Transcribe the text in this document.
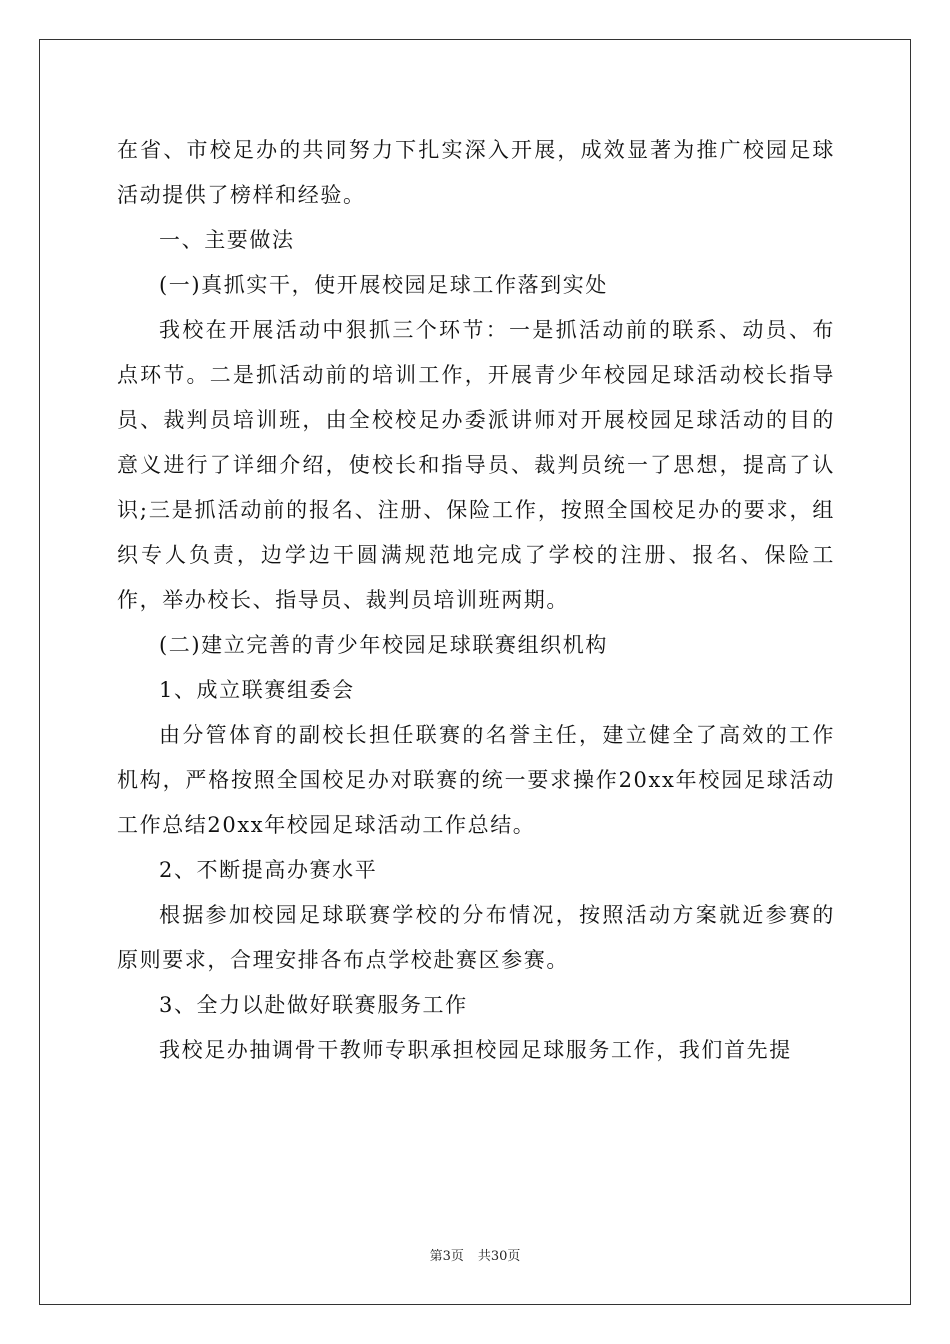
在省、市校足办的共同努力下扎实深入开展，成效显著为推广校园足球活动提供了榜样和经验。

一、主要做法

(一)真抓实干，使开展校园足球工作落到实处

我校在开展活动中狠抓三个环节：一是抓活动前的联系、动员、布点环节。二是抓活动前的培训工作，开展青少年校园足球活动校长指导员、裁判员培训班，由全校校足办委派讲师对开展校园足球活动的目的意义进行了详细介绍，使校长和指导员、裁判员统一了思想，提高了认识;三是抓活动前的报名、注册、保险工作，按照全国校足办的要求，组织专人负责，边学边干圆满规范地完成了学校的注册、报名、保险工作，举办校长、指导员、裁判员培训班两期。

(二)建立完善的青少年校园足球联赛组织机构

1、成立联赛组委会

由分管体育的副校长担任联赛的名誉主任，建立健全了高效的工作机构，严格按照全国校足办对联赛的统一要求操作20xx年校园足球活动工作总结20xx年校园足球活动工作总结。

2、不断提高办赛水平

根据参加校园足球联赛学校的分布情况，按照活动方案就近参赛的原则要求，合理安排各布点学校赴赛区参赛。

3、全力以赴做好联赛服务工作

我校足办抽调骨干教师专职承担校园足球服务工作，我们首先提

第3页 共30页
